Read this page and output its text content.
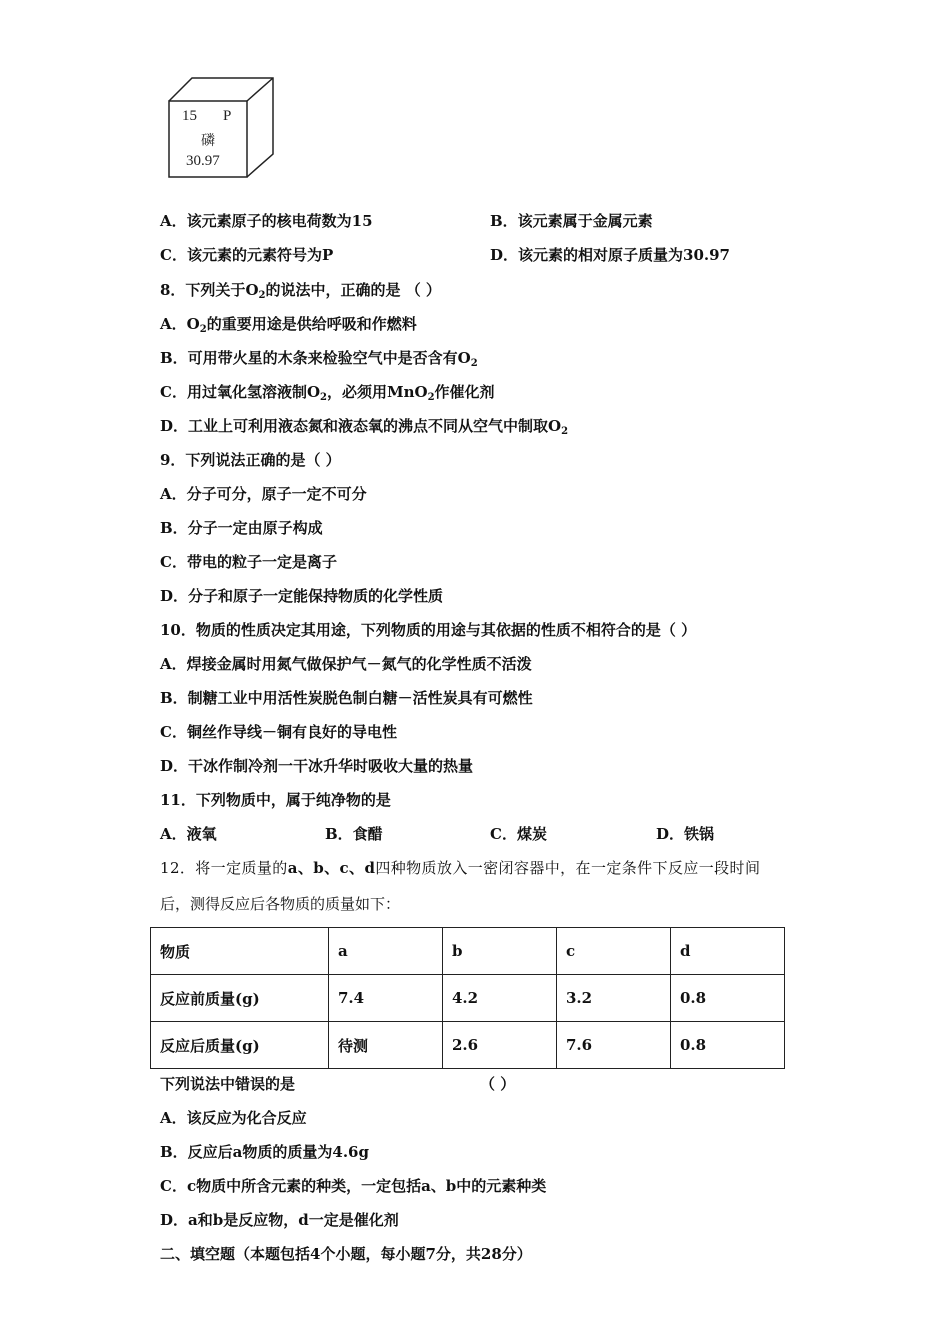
15 P
磷
30.97
A．该元素原子的核电荷数为15	B．该元素属于金属元素
C．该元素的元素符号为P	D．该元素的相对原子质量为30.97
8．下列关于$O_2$的说法中，正确的是 （ ）
A．$O_2$的重要用途是供给呼吸和作燃料
B．可用带火星的木条来检验空气中是否含有$O_2$
C．用过氧化氢溶液制$O_2$，必须用MnO$_2$作催化剂
D．工业上可利用液态氮和液态氧的沸点不同从空气中制取$O_2$
9．下列说法正确的是（ ）
A．分子可分，原子一定不可分
B．分子一定由原子构成
C．带电的粒子一定是离子
D．分子和原子一定能保持物质的化学性质
10．物质的性质决定其用途，下列物质的用途与其依据的性质不相符合的是（ ）
A．焊接金属时用氮气做保护气－氮气的化学性质不活泼
B．制糖工业中用活性炭脱色制白糖－活性炭具有可燃性
C．铜丝作导线－铜有良好的导电性
D．干冰作制冷剂一干冰升华时吸收大量的热量
11．下列物质中，属于纯净物的是
A．液氧	B．食醋	C．煤炭	D．铁锅
12．将一定质量的a、b、c、d四种物质放入一密闭容器中，在一定条件下反应一段时间
后，测得反应后各物质的质量如下：
物质	a	b	c	d
反应前质量(g)	7.4	4.2	3.2	0.8
反应后质量(g)	待测	2.6	7.6	0.8
下列说法中错误的是	（ ）
A．该反应为化合反应
B．反应后a物质的质量为4.6g
C．c物质中所含元素的种类，一定包括a、b中的元素种类
D．a和b是反应物，d一定是催化剂
二、填空题（本题包括4个小题，每小题7分，共28分）
